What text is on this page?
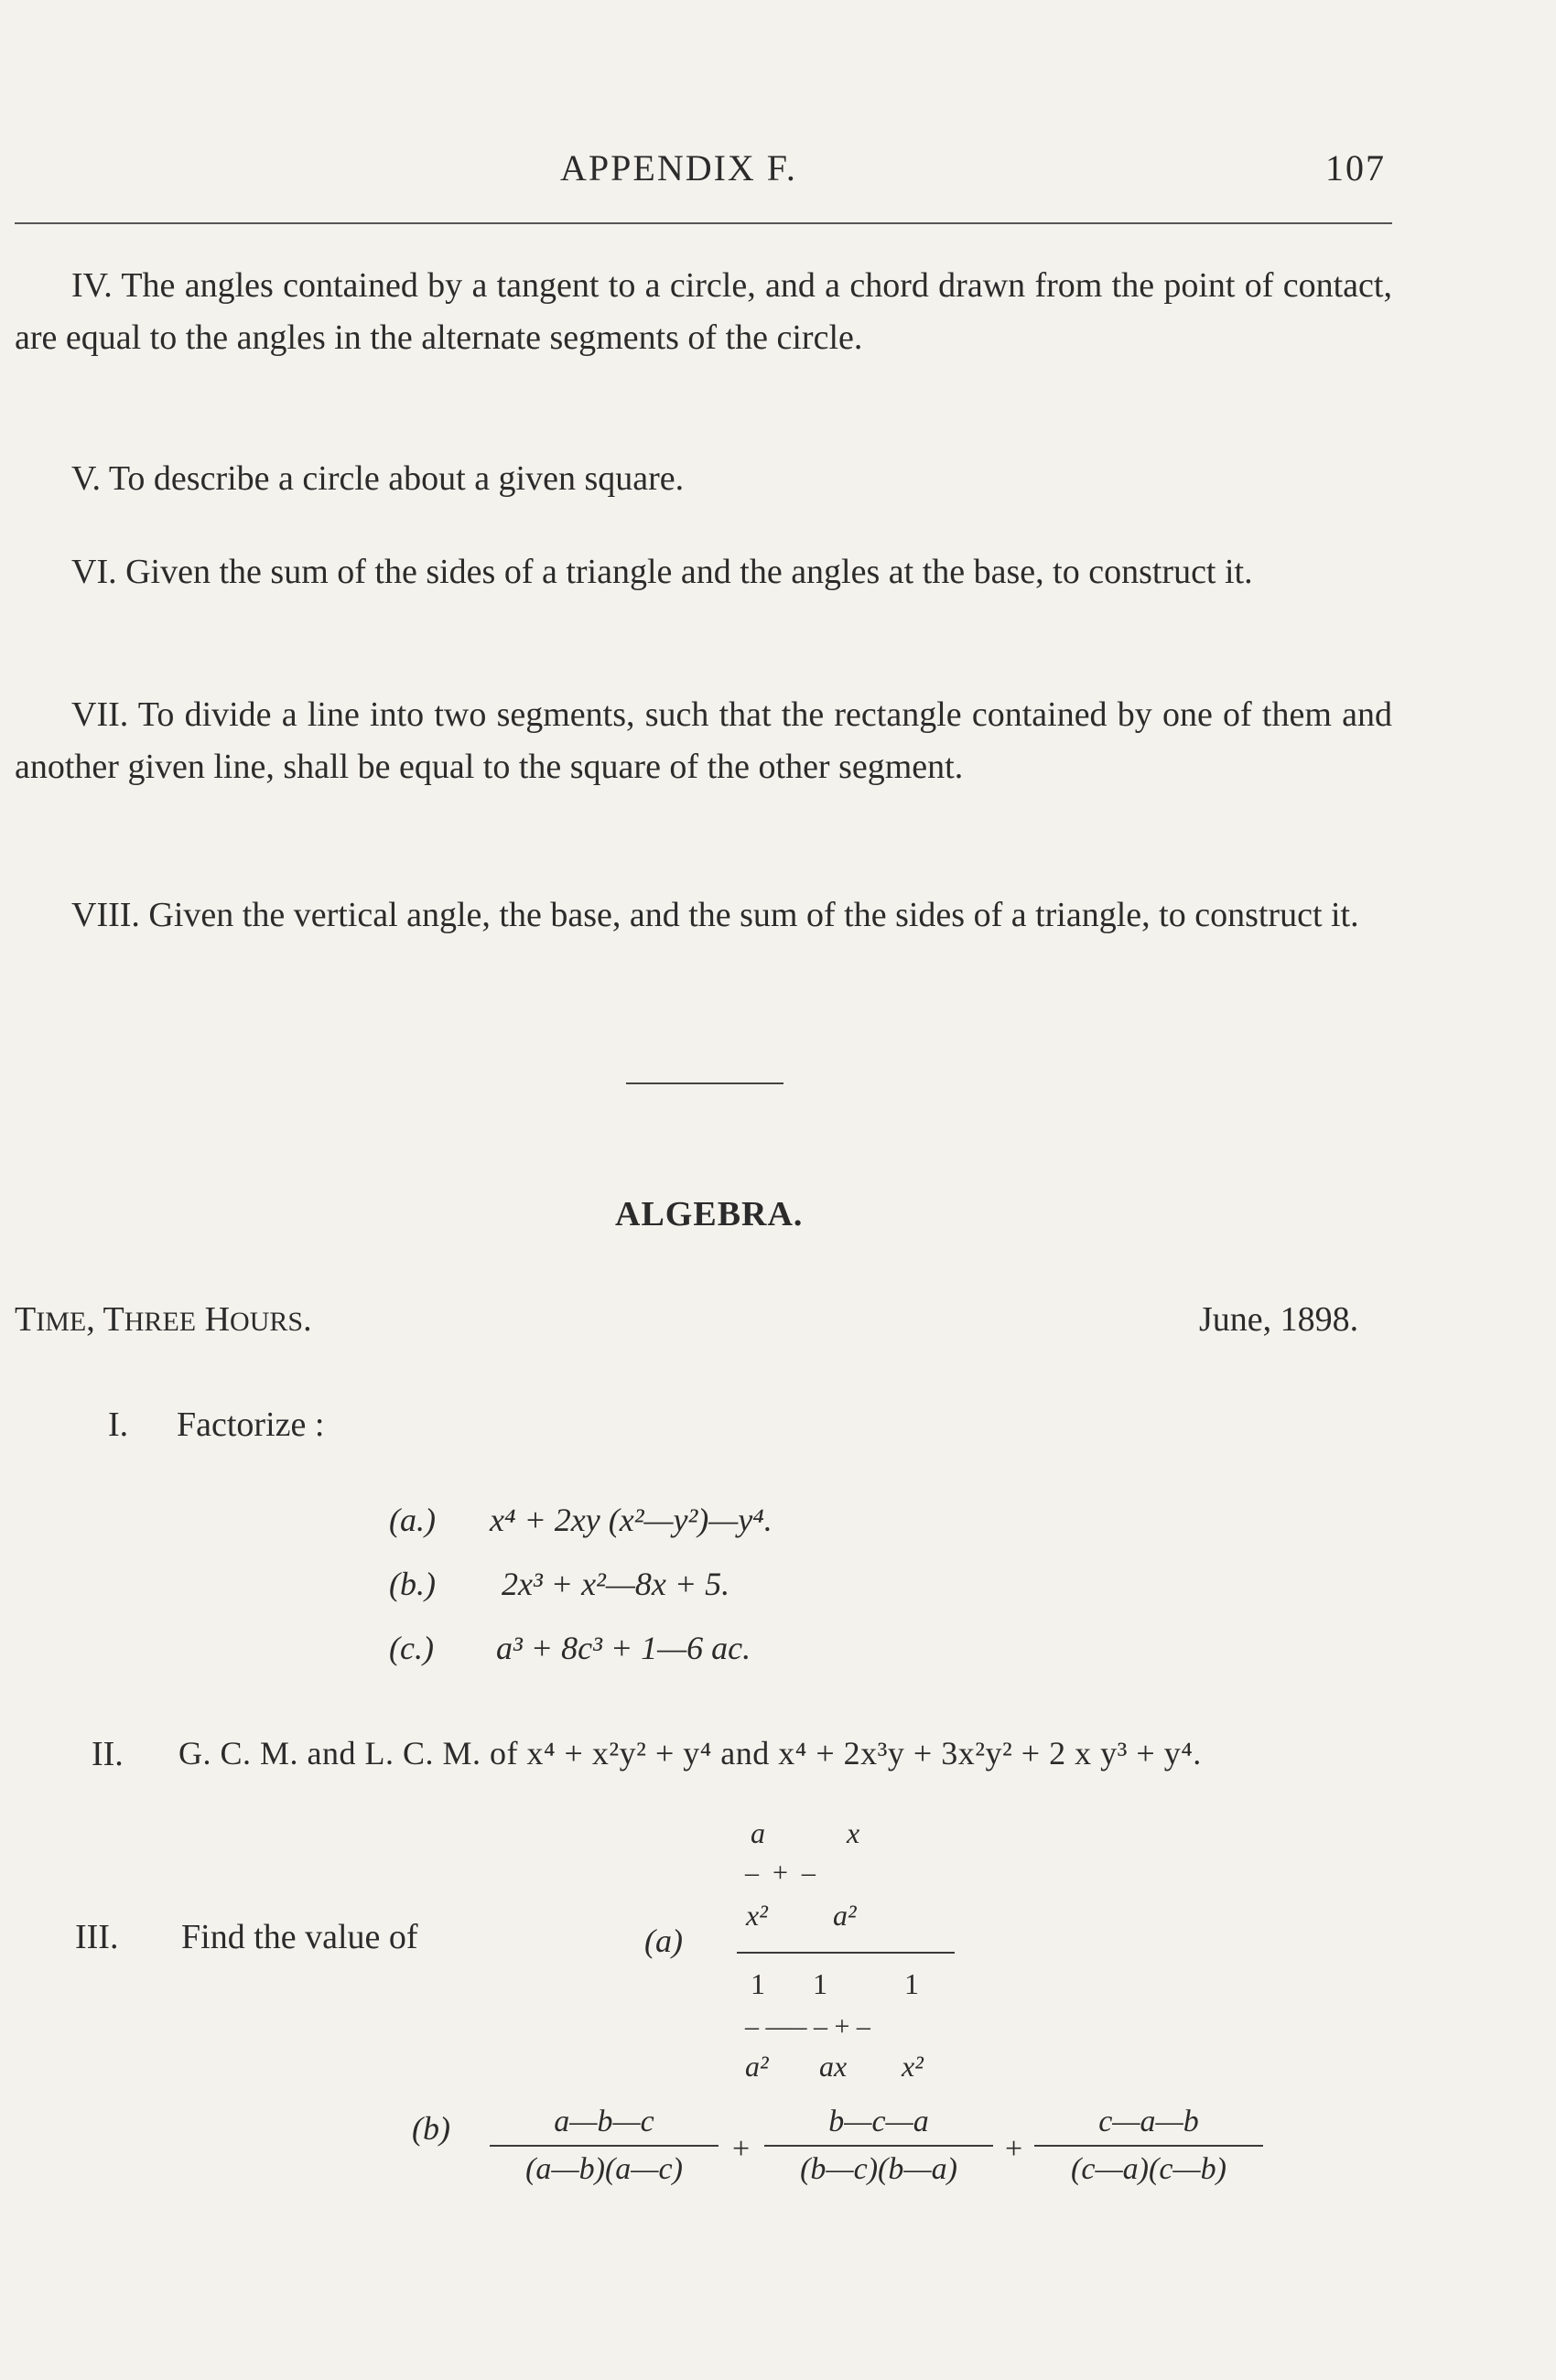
APPENDIX F.	107
IV. The angles contained by a tangent to a circle, and a chord drawn from the point of contact, are equal to the angles in the alternate segments of the circle.
V. To describe a circle about a given square.
VI. Given the sum of the sides of a triangle and the angles at the base, to construct it.
VII. To divide a line into two segments, such that the rectangle contained by one of them and another given line, shall be equal to the square of the other segment.
VIII. Given the vertical angle, the base, and the sum of the sides of a triangle, to construct it.
ALGEBRA.
TIME, THREE HOURS.	June, 1898.
I. Factorize :
(a.) x⁴ + 2xy (x²—y²)—y⁴.
(b.) 2x³ + x²—8x + 5.
(c.) a³ + 8c³ + 1—6 ac.
II. G. C. M. and L. C. M. of x⁴ + x²y² + y⁴ and x⁴ + 2x³y + 3x²y² + 2 x y³ + y⁴.
III. Find the value of	(a)
a	x
–  +  –
x² a²
1 1	1
– —– – + –
a² ax x²
(b)	a—b—c
(a—b)(a—c)
+
b—c—a
(b—c)(b—a)
+
c—a—b
(c—a)(c—b)
